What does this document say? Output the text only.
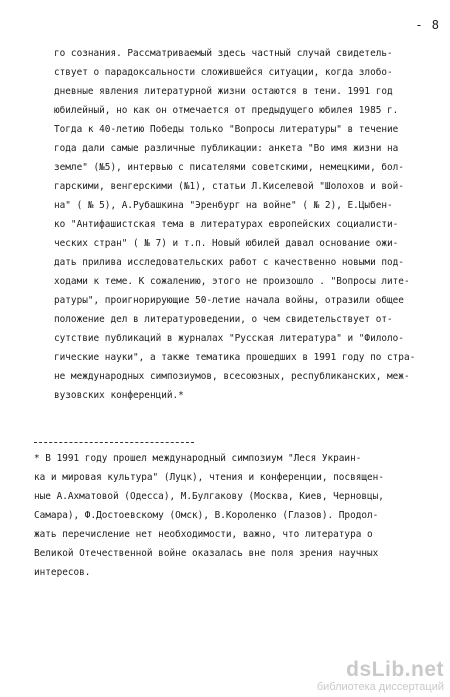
- 8
го сознания. Рассматриваемый здесь частный случай свидетель-
ствует о парадоксальности сложившейся ситуации, когда злобо-
дневные явления литературной жизни остаются в тени. 1991 год
юбилейный, но как он отмечается от предыдущего юбилея 1985 г.
Тогда к 40-летию Победы только "Вопросы литературы" в течение
года дали самые различные публикации: анкета "Во имя жизни на
земле" (№5), интервью с писателями советскими, немецкими, бол-
гарскими, венгерскими (№1), статьи Л.Киселевой "Шолохов и вой-
на" ( № 5), А.Рубашкина "Эренбург на войне" ( № 2), Е.Цыбен-
ко "Антифашистская тема в литературах европейских социалисти-
ческих стран" ( № 7) и т.п. Новый юбилей давал основание ожи-
дать прилива исследовательских работ с качественно новыми под-
ходами к теме. К сожалению, этого не произошло . "Вопросы лите-
ратуры", проигнорирующие 50-летие начала войны, отразили общее
положение дел в литературоведении, о чем свидетельствует от-
сутствие публикаций в журналах "Русская литература" и "Филоло-
гические науки", а также тематика прошедших в 1991 году по стра-
не международных симпозиумов, всесоюзных, республиканских, меж-
вузовских конференций.*
* В 1991 году прошел международный симпозиум "Леся Украин-
ка и мировая культура" (Луцк), чтения и конференции, посвящен-
ные А.Ахматовой (Одесса), М.Булгакову (Москва, Киев, Черновцы,
Самара), Ф.Достоевскому (Омск), В.Короленко (Глазов). Продол-
жать перечисление нет необходимости, важно, что литература о
Великой Отечественной войне оказалась вне поля зрения научных
интересов.
dsLib.net
библиотека диссертаций
